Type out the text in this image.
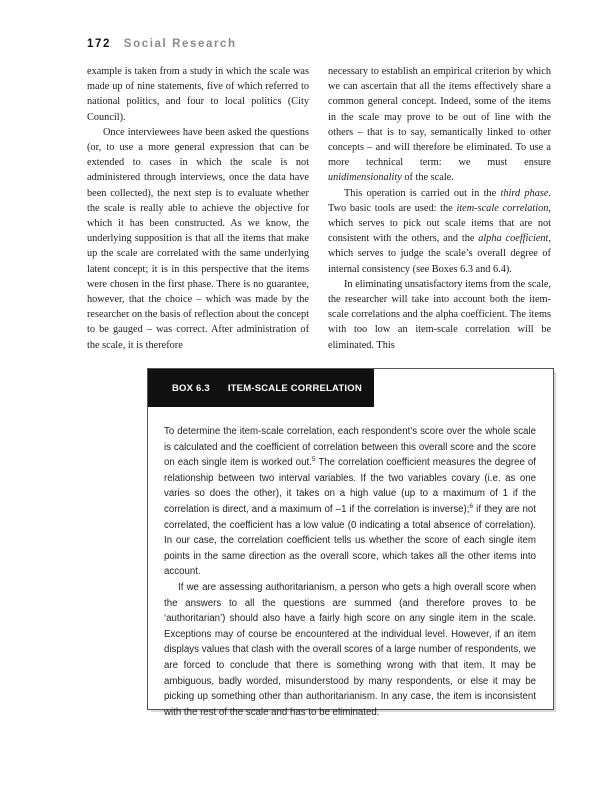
172 Social Research

example is taken from a study in which the scale was made up of nine statements, five of which referred to national politics, and four to local politics (City Council).

Once interviewees have been asked the questions (or, to use a more general expression that can be extended to cases in which the scale is not administered through interviews, once the data have been collected), the next step is to evaluate whether the scale is really able to achieve the objective for which it has been constructed. As we know, the underlying supposition is that all the items that make up the scale are correlated with the same underlying latent concept; it is in this perspective that the items were chosen in the first phase. There is no guarantee, however, that the choice – which was made by the researcher on the basis of reflection about the concept to be gauged – was correct. After administration of the scale, it is therefore

necessary to establish an empirical criterion by which we can ascertain that all the items effectively share a common general concept. Indeed, some of the items in the scale may prove to be out of line with the others – that is to say, semantically linked to other concepts – and will therefore be eliminated. To use a more technical term: we must ensure unidimensionality of the scale.

This operation is carried out in the third phase. Two basic tools are used: the item-scale correlation, which serves to pick out scale items that are not consistent with the others, and the alpha coefficient, which serves to judge the scale’s overall degree of internal consistency (see Boxes 6.3 and 6.4).

In eliminating unsatisfactory items from the scale, the researcher will take into account both the item-scale correlations and the alpha coefficient. The items with too low an item-scale correlation will be eliminated. This

BOX 6.3 ITEM-SCALE CORRELATION

To determine the item-scale correlation, each respondent’s score over the whole scale is calculated and the coefficient of correlation between this overall score and the score on each single item is worked out.$^5$ The correlation coefficient measures the degree of relationship between two interval variables. If the two variables covary (i.e. as one varies so does the other), it takes on a high value (up to a maximum of 1 if the correlation is direct, and a maximum of –1 if the correlation is inverse);$^6$ if they are not correlated, the coefficient has a low value (0 indicating a total absence of correlation). In our case, the correlation coefficient tells us whether the score of each single item points in the same direction as the overall score, which takes all the other items into account.

If we are assessing authoritarianism, a person who gets a high overall score when the answers to all the questions are summed (and therefore proves to be ‘authoritarian’) should also have a fairly high score on any single item in the scale. Exceptions may of course be encountered at the individual level. However, if an item displays values that clash with the overall scores of a large number of respondents, we are forced to conclude that there is something wrong with that item. It may be ambiguous, badly worded, misunderstood by many respondents, or else it may be picking up something other than authoritarianism. In any case, the item is inconsistent with the rest of the scale and has to be eliminated.
